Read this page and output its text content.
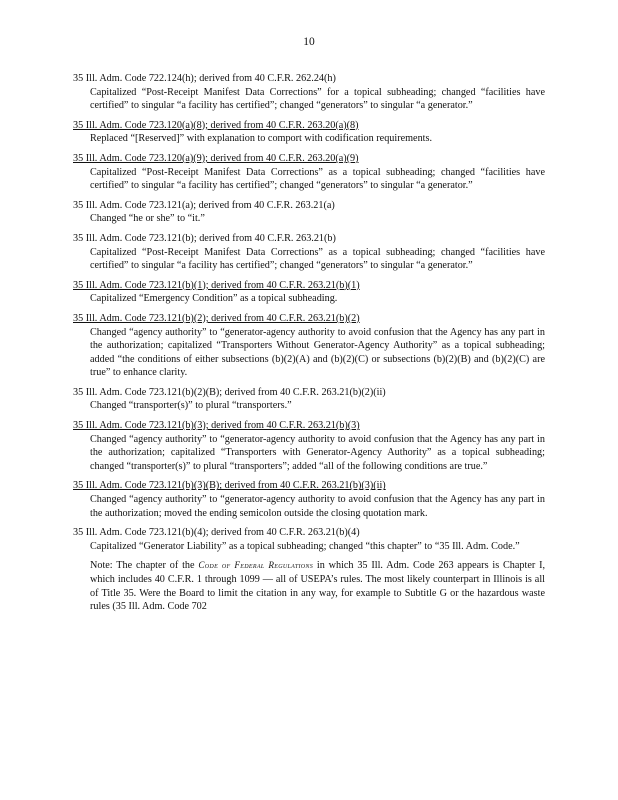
10
35 Ill. Adm. Code 722.124(h); derived from 40 C.F.R. 262.24(h)
Capitalized “Post-Receipt Manifest Data Corrections” for a topical subheading; changed “facilities have certified” to singular “a facility has certified”; changed “generators” to singular “a generator.”
35 Ill. Adm. Code 723.120(a)(8); derived from 40 C.F.R. 263.20(a)(8)
Replaced “[Reserved]” with explanation to comport with codification requirements.
35 Ill. Adm. Code 723.120(a)(9); derived from 40 C.F.R. 263.20(a)(9)
Capitalized “Post-Receipt Manifest Data Corrections” as a topical subheading; changed “facilities have certified” to singular “a facility has certified”; changed “generators” to singular “a generator.”
35 Ill. Adm. Code 723.121(a); derived from 40 C.F.R. 263.21(a)
Changed “he or she” to “it.”
35 Ill. Adm. Code 723.121(b); derived from 40 C.F.R. 263.21(b)
Capitalized “Post-Receipt Manifest Data Corrections” as a topical subheading; changed “facilities have certified” to singular “a facility has certified”; changed “generators” to singular “a generator.”
35 Ill. Adm. Code 723.121(b)(1); derived from 40 C.F.R. 263.21(b)(1)
Capitalized “Emergency Condition” as a topical subheading.
35 Ill. Adm. Code 723.121(b)(2); derived from 40 C.F.R. 263.21(b)(2)
Changed “agency authority” to “generator-agency authority to avoid confusion that the Agency has any part in the authorization; capitalized “Transporters Without Generator-Agency Authority” as a topical subheading; added “the conditions of either subsections (b)(2)(A) and (b)(2)(C) or subsections (b)(2)(B) and (b)(2)(C) are true” to enhance clarity.
35 Ill. Adm. Code 723.121(b)(2)(B); derived from 40 C.F.R. 263.21(b)(2)(ii)
Changed “transporter(s)” to plural “transporters.”
35 Ill. Adm. Code 723.121(b)(3); derived from 40 C.F.R. 263.21(b)(3)
Changed “agency authority” to “generator-agency authority to avoid confusion that the Agency has any part in the authorization; capitalized “Transporters with Generator-Agency Authority” as a topical subheading; changed “transporter(s)” to plural “transporters”; added “all of the following conditions are true.”
35 Ill. Adm. Code 723.121(b)(3)(B); derived from 40 C.F.R. 263.21(b)(3)(ii)
Changed “agency authority” to “generator-agency authority to avoid confusion that the Agency has any part in the authorization; moved the ending semicolon outside the closing quotation mark.
35 Ill. Adm. Code 723.121(b)(4); derived from 40 C.F.R. 263.21(b)(4)
Capitalized “Generator Liability” as a topical subheading; changed “this chapter” to “35 Ill. Adm. Code.”
Note: The chapter of the Code of Federal Regulations in which 35 Ill. Adm. Code 263 appears is Chapter I, which includes 40 C.F.R. 1 through 1099 — all of USEPA’s rules. The most likely counterpart in Illinois is all of Title 35. Were the Board to limit the citation in any way, for example to Subtitle G or the hazardous waste rules (35 Ill. Adm. Code 702
